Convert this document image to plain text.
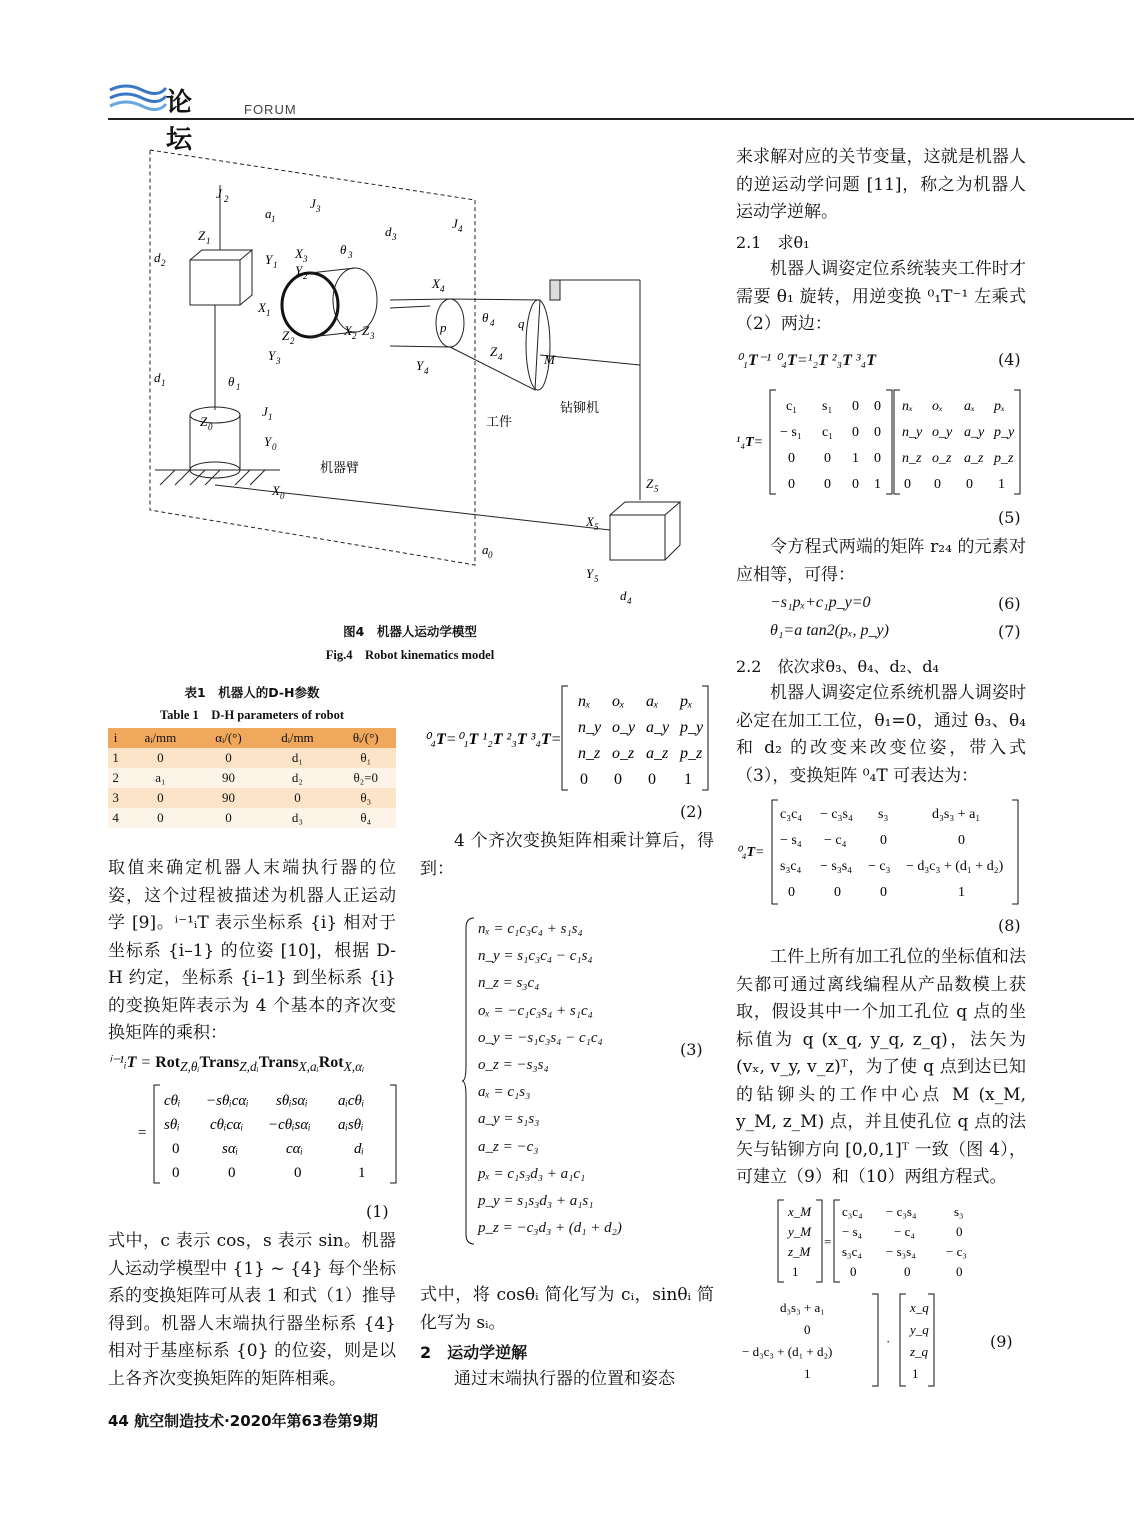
论坛
FORUM
J 2	J 3
J 4
a 1
d 3
d 2
d 1
Z 1
Y 1
X 1
X 3
Y 2
θ 3
X 2 Z 3
Z 2
Y 3
X 4
p
θ 4 q
Z 4	M
Y 4
θ 1
J 1
Z 0
Y 0
X 0
Z 5
X 5
Y 5
a 0
d 4
机器臂
工件
钻铆机
图4　机器人运动学模型
Fig.4　Robot kinematics model
表1　机器人的D-H参数
Table 1　D-H parameters of robot
i	aᵢ/mm	αᵢ/(°)	dᵢ/mm	θᵢ/(°)
1	0	0	d₁	θ₁
2	a₁	90	d₂	θ₂=0
3	0	90	0	θ₃
4	0	0	d₃	θ₄
取值来确定机器人末端执行器的位姿，这个过程被描述为机器人正运动学 [9]。ⁱ⁻¹ᵢT 表示坐标系 {i} 相对于坐标系 {i–1} 的位姿 [10]，根据 D-H 约定，坐标系 {i–1} 到坐标系 {i} 的变换矩阵表示为 4 个基本的齐次变换矩阵的乘积：
ⁱ⁻¹ᵢT = Rot$_{Z,\theta ᵢ}$Trans$_{Z,dᵢ}$Trans$_{X,aᵢ}$Rot$_{X,\alpha ᵢ}$
=
cθᵢ −sθᵢcαᵢ sθᵢsαᵢ aᵢcθᵢ
sθᵢ cθᵢcαᵢ −cθᵢsαᵢ aᵢsθᵢ
0	sαᵢ	cαᵢ	dᵢ
0	0	0	1
(1)
式中，c 表示 cos，s 表示 sin。机器人运动学模型中 {1} ~ {4} 每个坐标系的变换矩阵可从表 1 和式（1）推导得到。机器人末端执行器坐标系 {4} 相对于基座标系 {0} 的位姿，则是以上各齐次变换矩阵的矩阵相乘。
⁰₄T=⁰₁T ¹₂T ²₃T ³₄T=
nₓ oₓ aₓ pₓ
n_y o_y a_y p_y
n_z o_z a_z p_z
0 0 0 1
(2)
4 个齐次变换矩阵相乘计算后，得到：
nₓ = c₁c₃c₄ + s₁s₄
n_y = s₁c₃c₄ − c₁s₄
n_z = s₃c₄
oₓ = −c₁c₃s₄ + s₁c₄
o_y = −s₁c₃s₄ − c₁c₄
o_z = −s₃s₄
aₓ = c₁s₃
a_y = s₁s₃
a_z = −c₃
pₓ = c₁s₃d₃ + a₁c₁
p_y = s₁s₃d₃ + a₁s₁
p_z = −c₃d₃ + (d₁ + d₂)
(3)
式中，将 cosθᵢ 简化写为 cᵢ，sinθᵢ 简化写为 sᵢ。
2　运动学逆解
通过末端执行器的位置和姿态
来求解对应的关节变量，这就是机器人的逆运动学问题 [11]，称之为机器人运动学逆解。
2.1　求θ₁
机器人调姿定位系统装夹工件时才需要 θ₁ 旋转，用逆变换 ⁰₁T⁻¹ 左乘式（2）两边：
⁰₁T⁻¹ ⁰₄T=¹₂T ²₃T ³₄T	(4)
¹₄T=
c₁ s₁ 0 0
− s₁ c₁ 0 0
0 0 1 0
0 0 0 1
nₓ oₓ aₓ pₓ
n_y o_y a_y p_y
n_z o_z a_z p_z
0 0 0 1
(5)
令方程式两端的矩阵 r₂₄ 的元素对应相等，可得：
−s₁pₓ+c₁p_y=0	(6)
θ₁=a tan2(pₓ, p_y)	(7)
2.2　依次求θ₃、θ₄、d₂、d₄
机器人调姿定位系统机器人调姿时必定在加工工位，θ₁=0，通过 θ₃、θ₄ 和 d₂ 的改变来改变位姿，带入式（3），变换矩阵 ⁰₄T 可表达为：
⁰₄T=
c₃c₄ − c₃s₄ s₃	d₃s₃ + a₁
− s₄ − c₄ 0	0
s₃c₄ − s₃s₄ − c₃ − d₃c₃ + (d₁ + d₂)
0	0	0	1
(8)
工件上所有加工孔位的坐标值和法矢都可通过离线编程从产品数模上获取，假设其中一个加工孔位 q 点的坐标值为 q (x_q, y_q, z_q)，法矢为 (vₓ, v_y, v_z)ᵀ，为了使 q 点到达已知的钻铆头的工作中心点 M (x_M, y_M, z_M) 点，并且使孔位 q 点的法矢与钻铆方向 [0,0,1]ᵀ 一致（图 4），可建立（9）和（10）两组方程式。
x_M
y_M
z_M
1
=
c₃c₄ − c₃s₄	s₃
− s₄ − c₄	0
s₃c₄ − s₃s₄ − c₃
0	0	0
d₃s₃ + a₁
0
− d₃c₃ + (d₁ + d₂)
1
·
x_q
y_q
z_q
1
(9)
44 航空制造技术·2020年第63卷第9期
